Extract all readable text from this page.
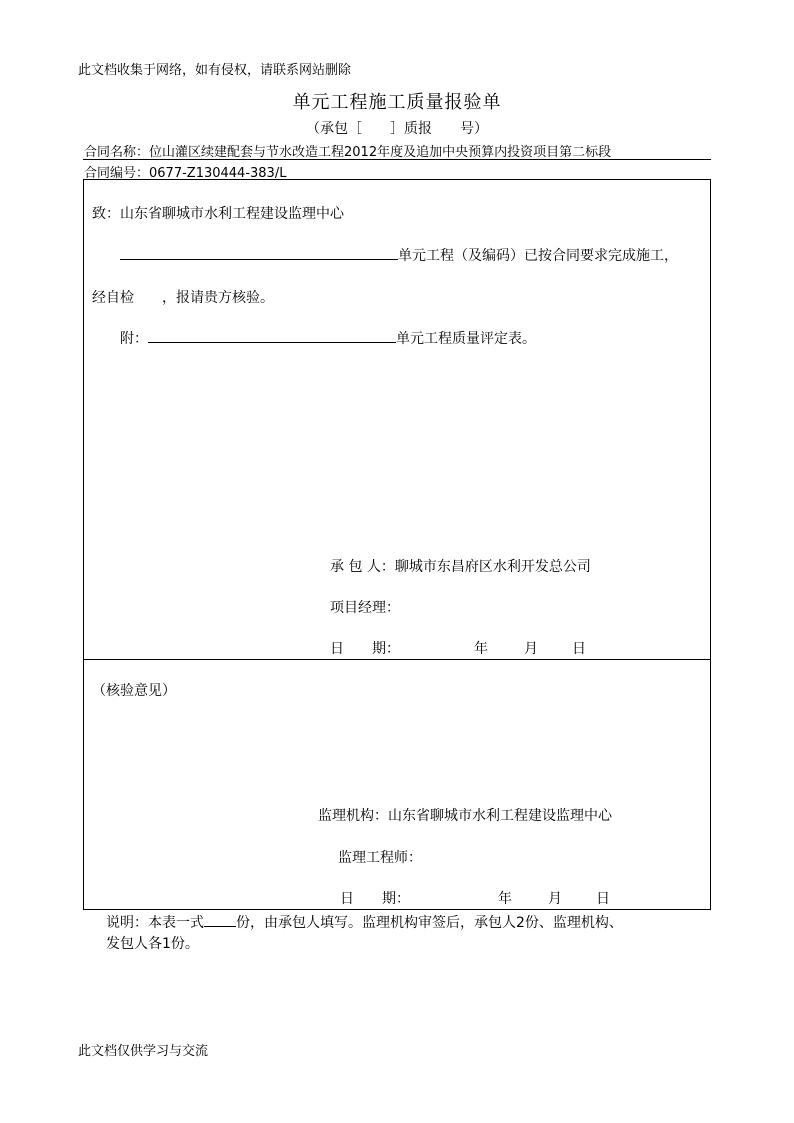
此文档收集于网络，如有侵权，请联系网站删除
单元工程施工质量报验单
（承包［　　］质报　　号）
合同名称：位山灌区续建配套与节水改造工程2012年度及追加中央预算内投资项目第二标段
合同编号：0677-Z130444-383/L
致：山东省聊城市水利工程建设监理中心
单元工程（及编码）已按合同要求完成施工，
经自检　　，报请贵方核验。
附：	单元工程质量评定表。
承 包 人：聊城市东昌府区水利开发总公司
项目经理：
日　　期：	年	月 日
（核验意见）
监理机构：山东省聊城市水利工程建设监理中心
监理工程师：
日　　期：	年	月 日
说明：本表一式 份，由承包人填写。监理机构审签后，承包人2份、监理机构、
发包人各1份。
此文档仅供学习与交流
